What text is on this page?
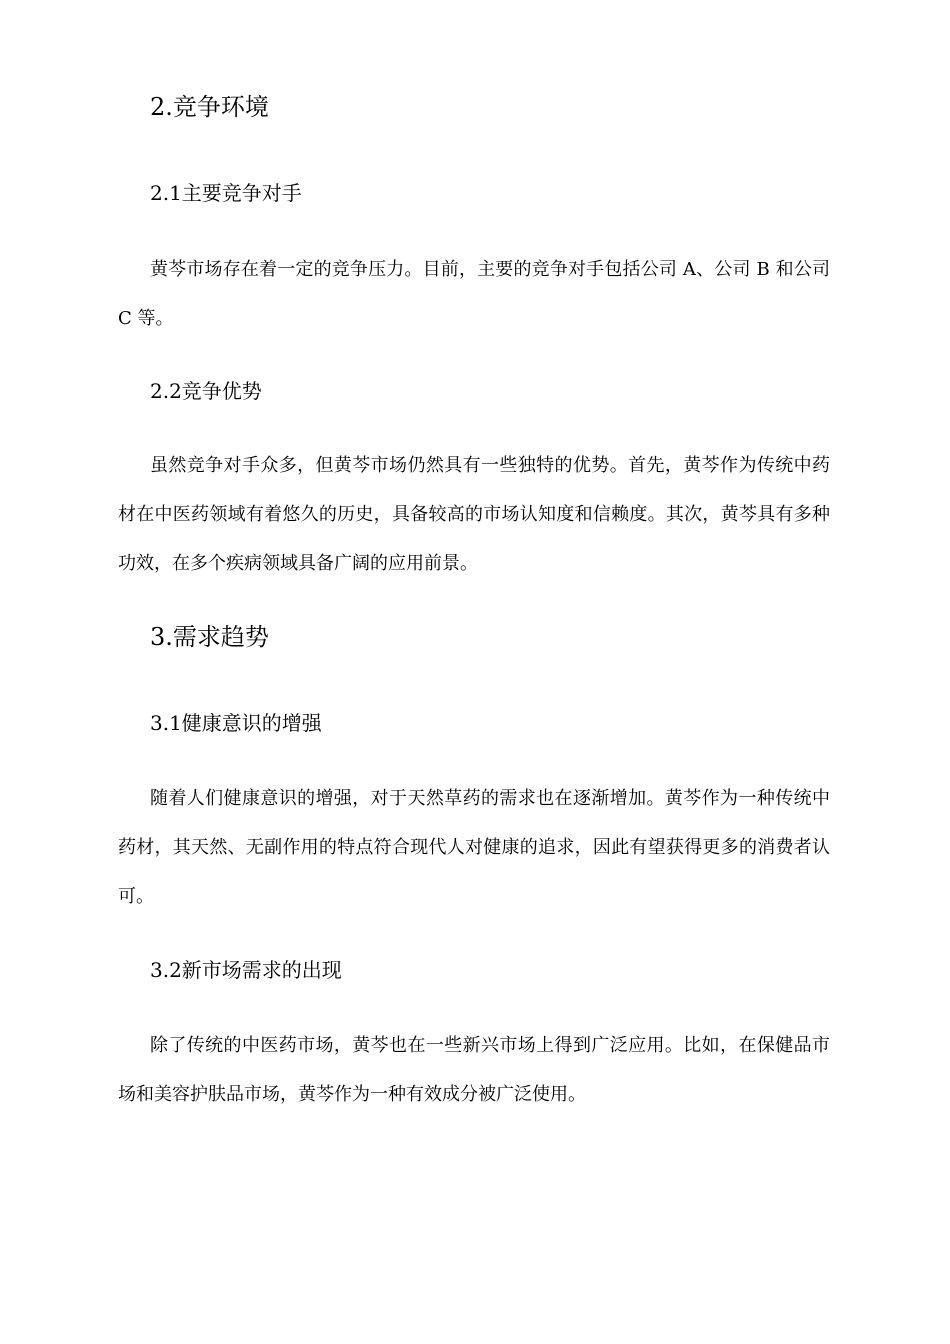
2.竞争环境
2.1主要竞争对手

黄芩市场存在着一定的竞争压力。目前，主要的竞争对手包括公司 A、公司 B 和公司 C 等。

2.2竞争优势

虽然竞争对手众多，但黄芩市场仍然具有一些独特的优势。首先，黄芩作为传统中药材在中医药领域有着悠久的历史，具备较高的市场认知度和信赖度。其次，黄芩具有多种功效，在多个疾病领域具备广阔的应用前景。

3.需求趋势
3.1健康意识的增强

随着人们健康意识的增强，对于天然草药的需求也在逐渐增加。黄芩作为一种传统中药材，其天然、无副作用的特点符合现代人对健康的追求，因此有望获得更多的消费者认可。

3.2新市场需求的出现

除了传统的中医药市场，黄芩也在一些新兴市场上得到广泛应用。比如，在保健品市场和美容护肤品市场，黄芩作为一种有效成分被广泛使用。
